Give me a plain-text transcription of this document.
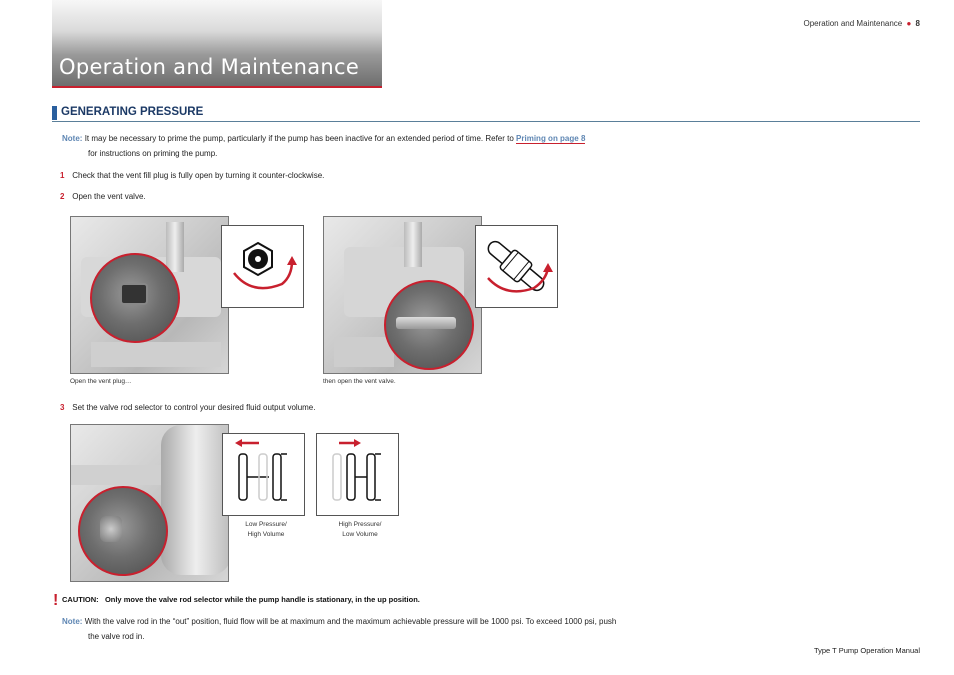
Operation and Maintenance
Operation and Maintenance ● 8
GENERATING PRESSURE
Note: It may be necessary to prime the pump, particularly if the pump has been inactive for an extended period of time. Refer to Priming on page 8
for instructions on priming the pump.
1 Check that the vent fill plug is fully open by turning it counter-clockwise.
2 Open the vent valve.
Open the vent plug…	then open the vent valve.
3 Set the valve rod selector to control your desired fluid output volume.
Low Pressure/
High Volume
High Pressure/
Low Volume
! CAUTION: Only move the valve rod selector while the pump handle is stationary, in the up position.
Note: With the valve rod in the “out” position, fluid flow will be at maximum and the maximum achievable pressure will be 1000 psi. To exceed 1000 psi, push
the valve rod in.
Type T Pump Operation Manual
